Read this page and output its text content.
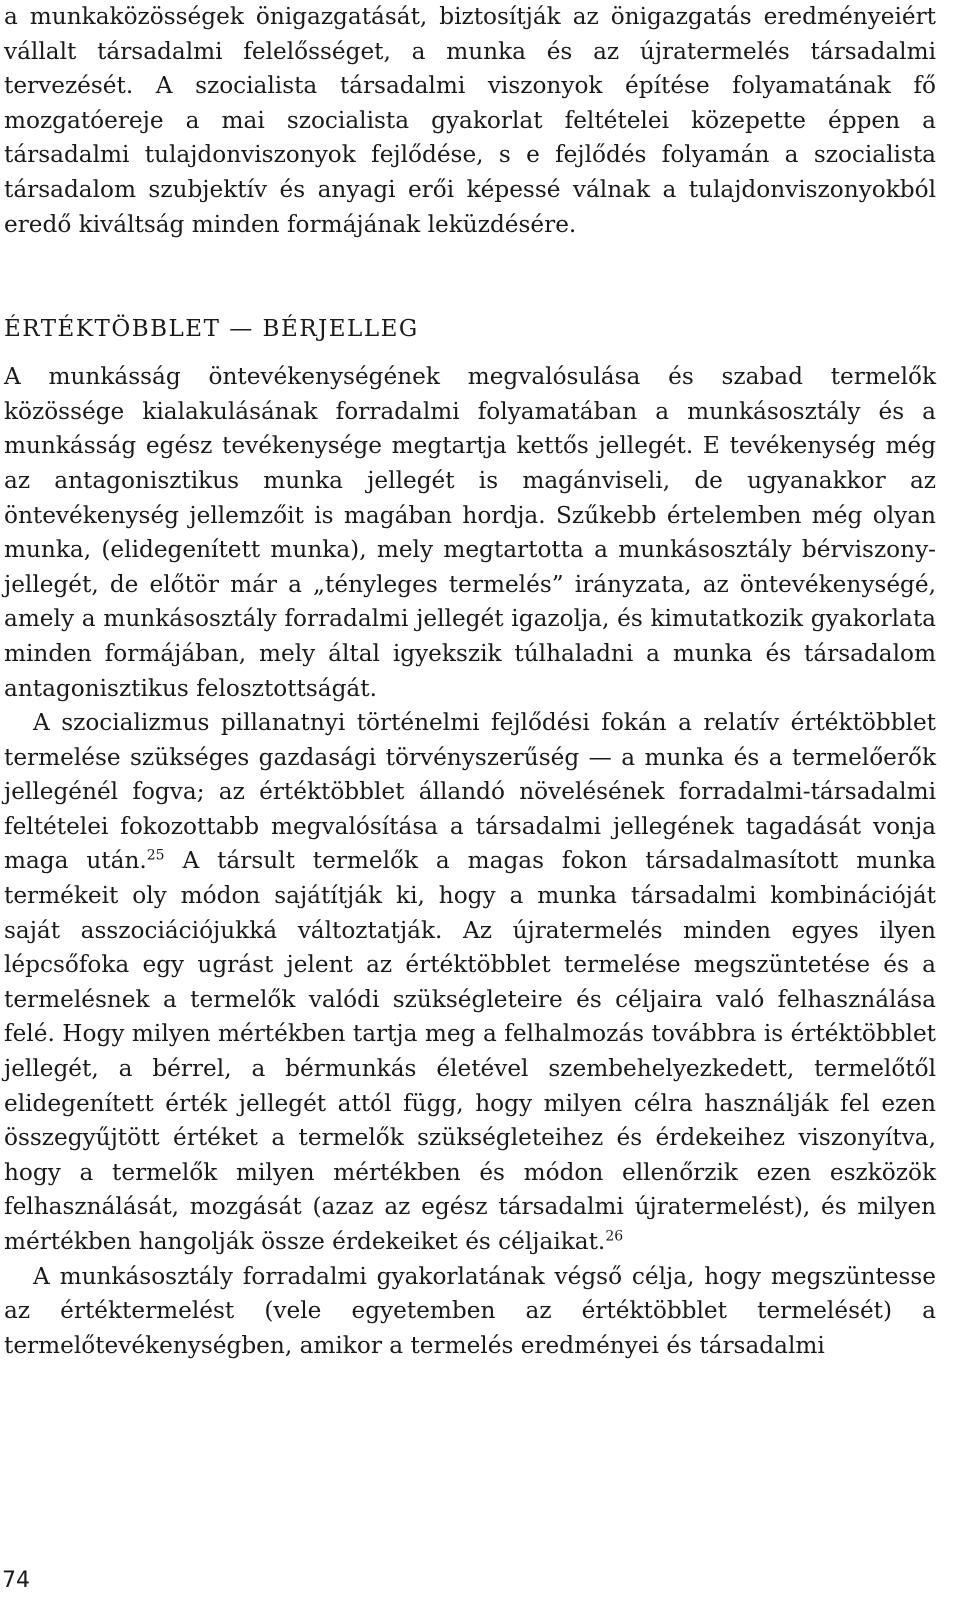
a munkaközösségek önigazgatását, biztosítják az önigazgatás eredményeiért vállalt társadalmi felelősséget, a munka és az újratermelés társadalmi tervezését. A szocialista társadalmi viszonyok építése folyamatának fő mozgatóereje a mai szocialista gyakorlat feltételei közepette éppen a társadalmi tulajdonviszonyok fejlődése, s e fejlődés folyamán a szocialista társadalom szubjektív és anyagi erői képessé válnak a tulajdonviszonyokból eredő kiváltság minden formájának leküzdésére.

ÉRTÉKTÖBBLET — BÉRJELLEG

A munkásság öntevékenységének megvalósulása és szabad termelők közössége kialakulásának forradalmi folyamatában a munkásosztály és a munkásság egész tevékenysége megtartja kettős jellegét. E tevékenység még az antagonisztikus munka jellegét is magánviseli, de ugyanakkor az öntevékenység jellemzőit is magában hordja. Szűkebb értelemben még olyan munka, (elidegenített munka), mely megtartotta a munkásosztály bérviszony-jellegét, de előtör már a „tényleges termelés” irányzata, az öntevékenységé, amely a munkásosztály forradalmi jellegét igazolja, és kimutatkozik gyakorlata minden formájában, mely által igyekszik túlhaladni a munka és társadalom antagonisztikus felosztottságát.

A szocializmus pillanatnyi történelmi fejlődési fokán a relatív értéktöbblet termelése szükséges gazdasági törvényszerűség — a munka és a termelőerők jellegénél fogva; az értéktöbblet állandó növelésének forradalmi-társadalmi feltételei fokozottabb megvalósítása a társadalmi jellegének tagadását vonja maga után.$^{25}$ A társult termelők a magas fokon társadalmasított munka termékeit oly módon sajátítják ki, hogy a munka társadalmi kombinációját saját asszociációjukká változtatják. Az újratermelés minden egyes ilyen lépcsőfoka egy ugrást jelent az értéktöbblet termelése megszüntetése és a termelésnek a termelők valódi szükségleteire és céljaira való felhasználása felé. Hogy milyen mértékben tartja meg a felhalmozás továbbra is értéktöbblet jellegét, a bérrel, a bérmunkás életével szembehelyezkedett, termelőtől elidegenített érték jellegét attól függ, hogy milyen célra használják fel ezen összegyűjtött értéket a termelők szükségleteihez és érdekeihez viszonyítva, hogy a termelők milyen mértékben és módon ellenőrzik ezen eszközök felhasználását, mozgását (azaz az egész társadalmi újratermelést), és milyen mértékben hangolják össze érdekeiket és céljaikat.$^{26}$

A munkásosztály forradalmi gyakorlatának végső célja, hogy megszüntesse az értéktermelést (vele egyetemben az értéktöbblet termelését) a termelőtevékenységben, amikor a termelés eredményei és társadalmi

74
